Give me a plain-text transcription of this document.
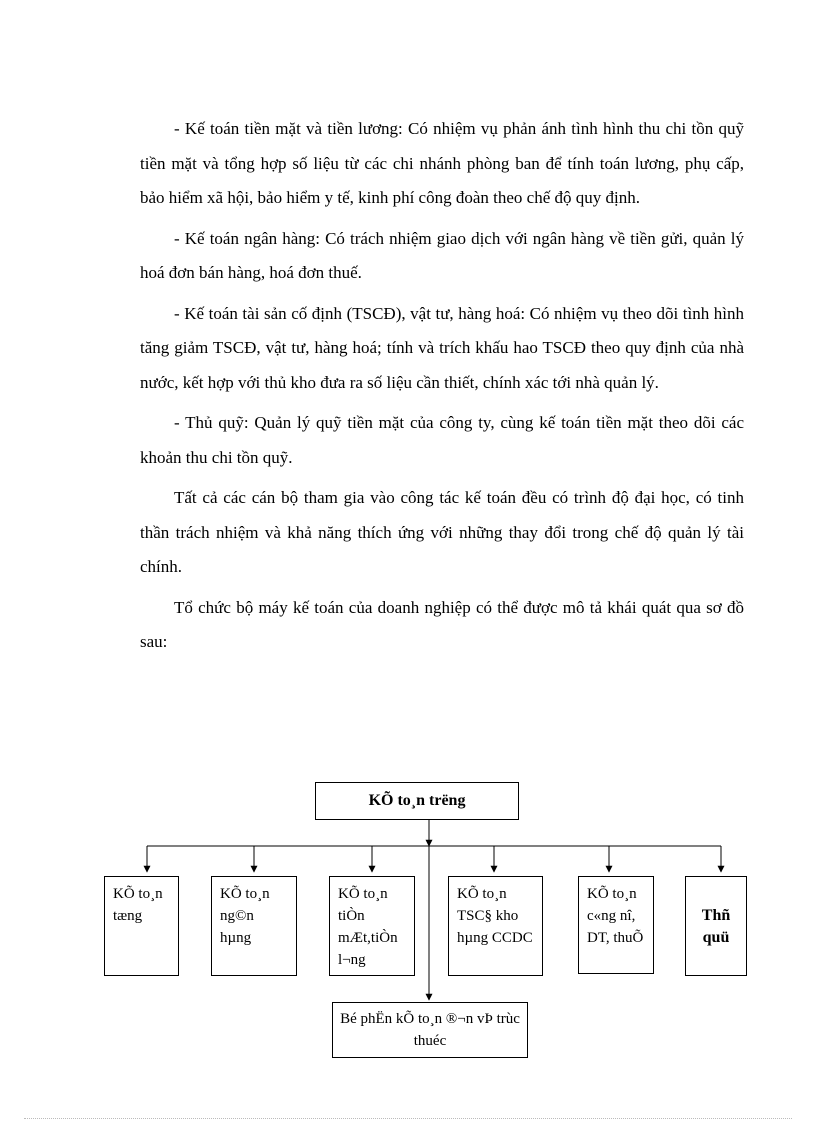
- Kế toán tiền mặt và tiền lương: Có nhiệm vụ phản ánh tình hình thu chi tồn quỹ tiền mặt và tổng hợp số liệu từ các chi nhánh phòng ban để tính toán lương, phụ cấp, bảo hiểm xã hội, bảo hiểm y tế, kinh phí công đoàn theo chế độ quy định.

- Kế toán ngân hàng: Có trách nhiệm giao dịch với ngân hàng về tiền gửi, quản lý hoá đơn bán hàng, hoá đơn thuế.

- Kế toán tài sản cố định (TSCĐ), vật tư, hàng hoá: Có nhiệm vụ theo dõi tình hình tăng giảm TSCĐ, vật tư, hàng hoá; tính và trích khấu hao TSCĐ theo quy định của nhà nước, kết hợp với thủ kho đưa ra số liệu cần thiết, chính xác tới nhà quản lý.

- Thủ quỹ: Quản lý quỹ tiền mặt của công ty, cùng kế toán tiền mặt theo dõi các khoản thu chi tồn quỹ.

Tất cả các cán bộ tham gia vào công tác kế toán đều có trình độ đại học, có tinh thần trách nhiệm và khả năng thích ứng với những thay đổi trong chế độ quản lý tài chính.

Tổ chức bộ máy kế toán của doanh nghiệp có thể được mô tả khái quát qua sơ đồ sau:

KÕ to¸n trëng
KÕ to¸n tæng
KÕ to¸n ng©n hµng
KÕ to¸n tiÒn mÆt,tiÒn l¬ng
KÕ to¸n TSC§ kho hµng CCDC
KÕ to¸n c«ng nî, DT, thuÕ
Thñ quü
Bé phËn kÕ to¸n ®¬n vÞ trùc thuéc
